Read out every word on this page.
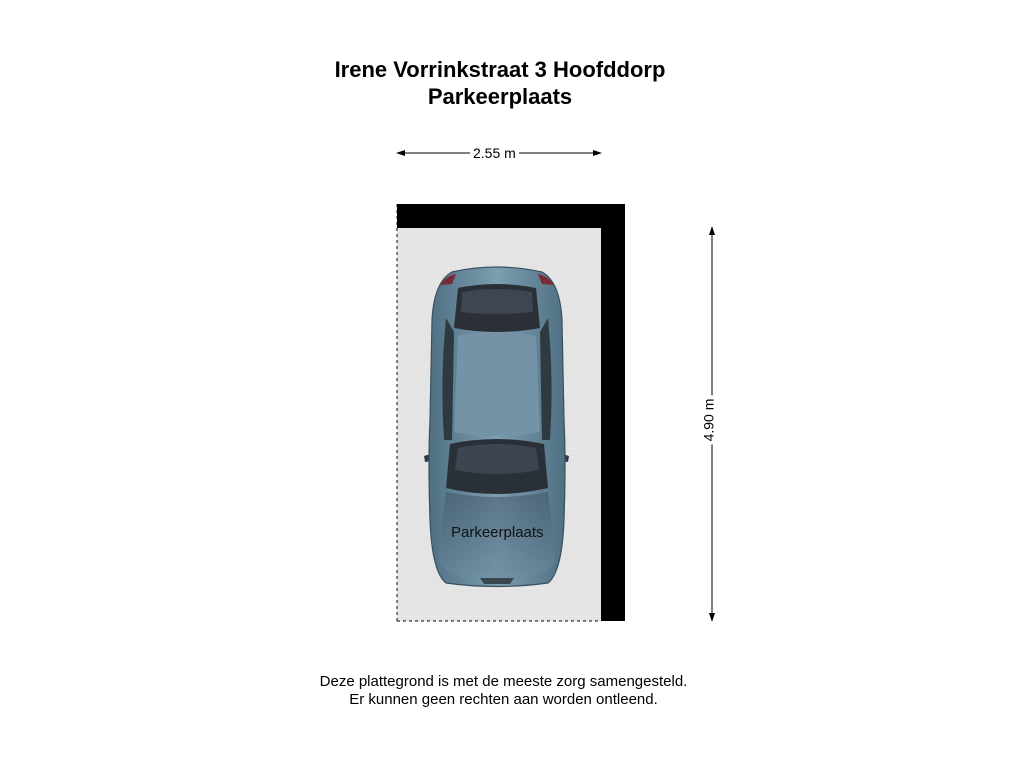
Irene Vorrinkstraat 3 Hoofddorp
Parkeerplaats
Parkeerplaats
2.55 m
4.90 m
Deze plattegrond is met de meeste zorg samengesteld.
Er kunnen geen rechten aan worden ontleend.
